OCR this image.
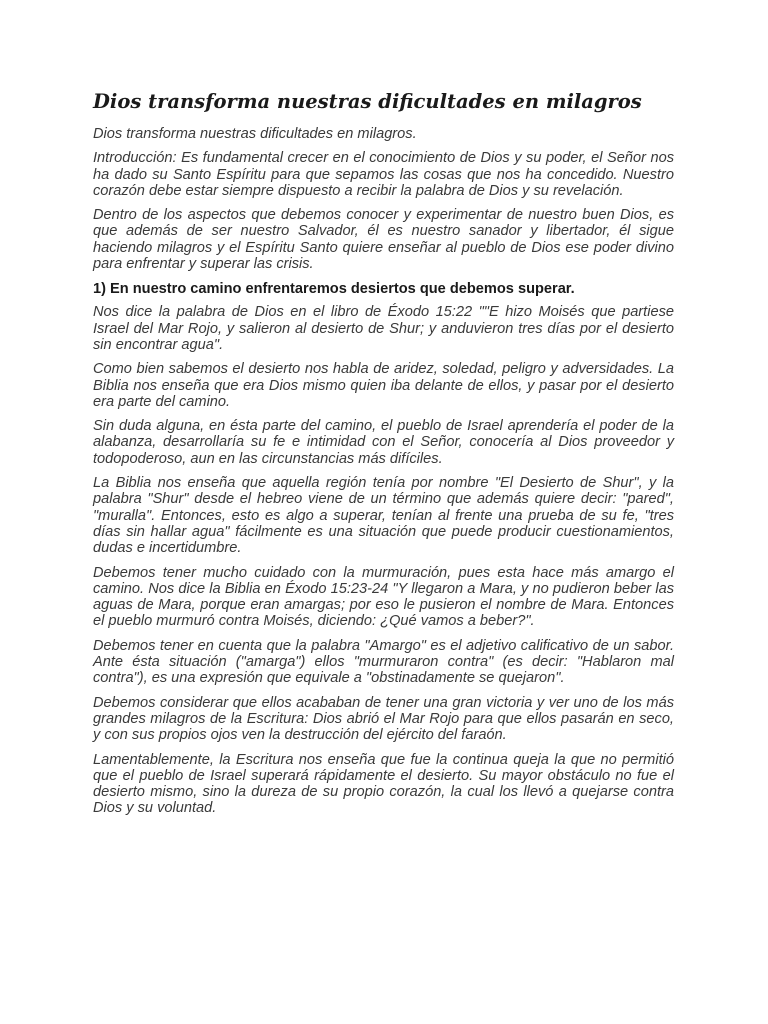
Dios transforma nuestras dificultades en milagros

Dios transforma nuestras dificultades en milagros.

Introducción: Es fundamental crecer en el conocimiento de Dios y su poder, el Señor nos ha dado su Santo Espíritu para que sepamos las cosas que nos ha concedido. Nuestro corazón debe estar siempre dispuesto a recibir la palabra de Dios y su revelación.

Dentro de los aspectos que debemos conocer y experimentar de nuestro buen Dios, es que además de ser nuestro Salvador, él es nuestro sanador y libertador, él sigue haciendo milagros y el Espíritu Santo quiere enseñar al pueblo de Dios ese poder divino para enfrentar y superar las crisis.

1) En nuestro camino enfrentaremos desiertos que debemos superar.

Nos dice la palabra de Dios en el libro de Éxodo 15:22 ""E hizo Moisés que partiese Israel del Mar Rojo, y salieron al desierto de Shur; y anduvieron tres días por el desierto sin encontrar agua".

Como bien sabemos el desierto nos habla de aridez, soledad, peligro y adversidades. La Biblia nos enseña que era Dios mismo quien iba delante de ellos, y pasar por el desierto era parte del camino.

Sin duda alguna, en ésta parte del camino, el pueblo de Israel aprendería el poder de la alabanza, desarrollaría su fe e intimidad con el Señor, conocería al Dios proveedor y todopoderoso, aun en las circunstancias más difíciles.

La Biblia nos enseña que aquella región tenía por nombre "El Desierto de Shur", y la palabra "Shur" desde el hebreo viene de un término que además quiere decir: "pared", "muralla". Entonces, esto es algo a superar, tenían al frente una prueba de su fe, "tres días sin hallar agua" fácilmente es una situación que puede producir cuestionamientos, dudas e incertidumbre.

Debemos tener mucho cuidado con la murmuración, pues esta hace más amargo el camino. Nos dice la Biblia en Éxodo 15:23-24 "Y llegaron a Mara, y no pudieron beber las aguas de Mara, porque eran amargas; por eso le pusieron el nombre de Mara. Entonces el pueblo murmuró contra Moisés, diciendo: ¿Qué vamos a beber?".

Debemos tener en cuenta que la palabra "Amargo" es el adjetivo calificativo de un sabor. Ante ésta situación ("amarga") ellos "murmuraron contra" (es decir: "Hablaron mal contra"), es una expresión que equivale a "obstinadamente se quejaron".

Debemos considerar que ellos acababan de tener una gran victoria y ver uno de los más grandes milagros de la Escritura: Dios abrió el Mar Rojo para que ellos pasarán en seco, y con sus propios ojos ven la destrucción del ejército del faraón.

Lamentablemente, la Escritura nos enseña que fue la continua queja la que no permitió que el pueblo de Israel superará rápidamente el desierto. Su mayor obstáculo no fue el desierto mismo, sino la dureza de su propio corazón, la cual los llevó a quejarse contra Dios y su voluntad.
